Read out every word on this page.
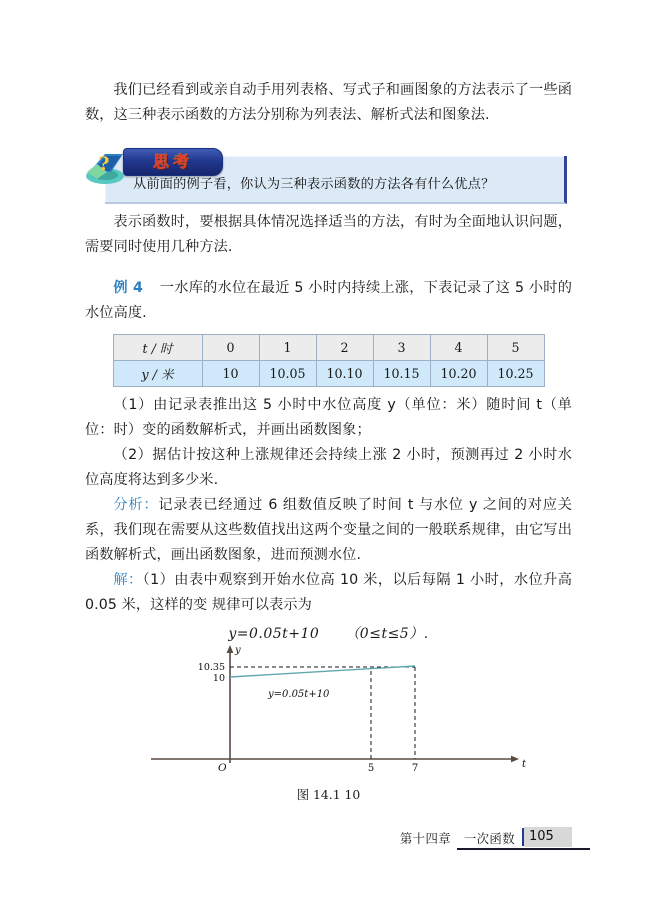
我们已经看到或亲自动手用列表格、写式子和画图象的方法表示了一些函数，这三种表示函数的方法分别称为列表法、解析式法和图象法.

从前面的例子看，你认为三种表示函数的方法各有什么优点？
思考
?

表示函数时，要根据具体情况选择适当的方法，有时为全面地认识问题，需要同时使用几种方法.

例 4 一水库的水位在最近 5 小时内持续上涨，下表记录了这 5 小时的水位高度.

t / 时	0	1	2	3	4	5
y / 米	10	10.05	10.10	10.15	10.20	10.25

（1）由记录表推出这 5 小时中水位高度 y（单位：米）随时间 t（单位：时）变的函数解析式，并画出函数图象；

（2）据估计按这种上涨规律还会持续上涨 2 小时，预测再过 2 小时水位高度将达到多少米.

分析：记录表已经通过 6 组数值反映了时间 t 与水位 y 之间的对应关系，我们现在需要从这些数值找出这两个变量之间的一般联系规律，由它写出函数解析式，画出函数图象，进而预测水位.

解：（1）由表中观察到开始水位高 10 米，以后每隔 1 小时，水位升高 0.05 米，这样的变 规律可以表示为

y=0.05t+10 （0≤t≤5）.
10.35
10
y
t
O	5	7
y=0.05t+10
图 14.1 10
第十四章　一次函数	105
